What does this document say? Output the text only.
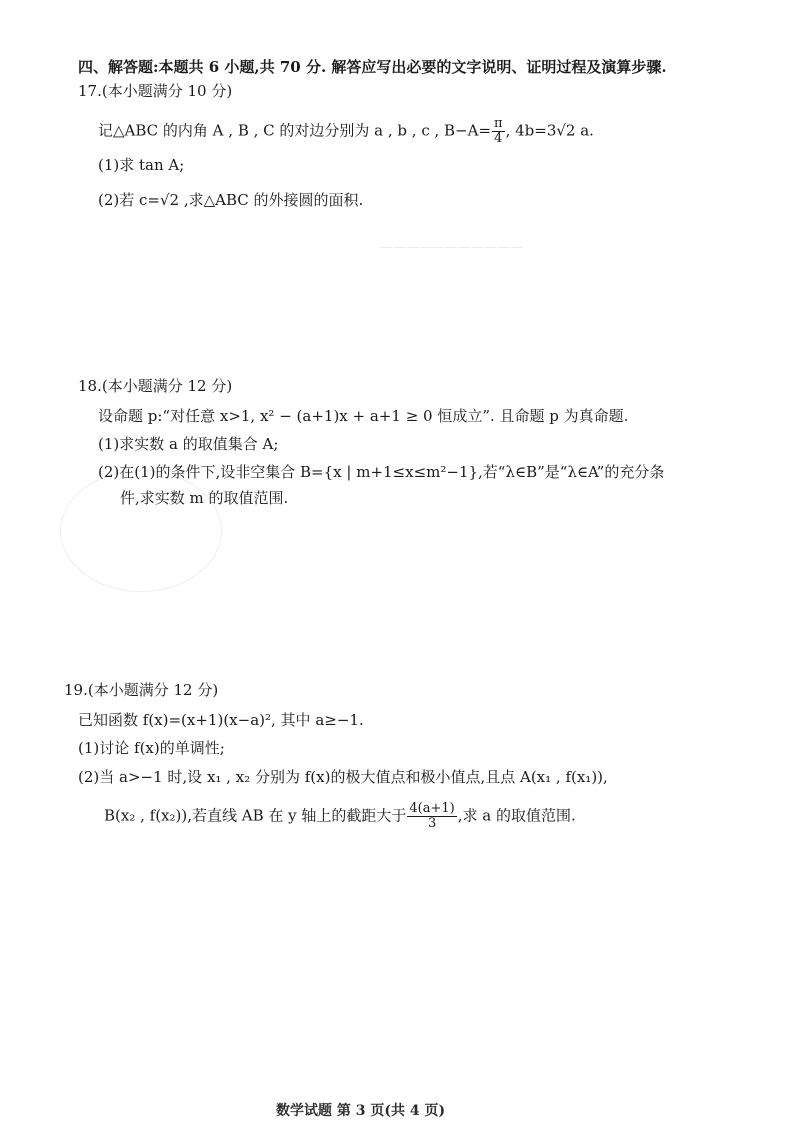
———————————
四、解答题:本题共 6 小题,共 70 分. 解答应写出必要的文字说明、证明过程及演算步骤.
17.(本小题满分 10 分)
记△ABC 的内角 A , B , C 的对边分别为 a , b , c , $B-A= \frac{\pi}{4}$ , 4b=3√2 a.
(1)求 tan A;
(2)若 c=√2 ,求△ABC 的外接圆的面积.
18.(本小题满分 12 分)
设命题 p:“对任意 x>1, x² − (a+1)x + a+1 ≥ 0 恒成立”. 且命题 p 为真命题.
(1)求实数 a 的取值集合 A;
(2)在(1)的条件下,设非空集合 B={x | m+1≤x≤m²−1},若“λ∈B”是“λ∈A”的充分条
件,求实数 m 的取值范围.
19.(本小题满分 12 分)
已知函数 f(x)=(x+1)(x−a)², 其中 a≥−1.
(1)讨论 f(x)的单调性;
(2)当 a>−1 时,设 x₁ , x₂ 分别为 f(x)的极大值点和极小值点,且点 A(x₁ , f(x₁)),
B(x₂ , f(x₂)),若直线 AB 在 y 轴上的截距大于 $\frac{4(a+1)}{3}$ ,求 a 的取值范围.
数学试题 第 3 页(共 4 页)
